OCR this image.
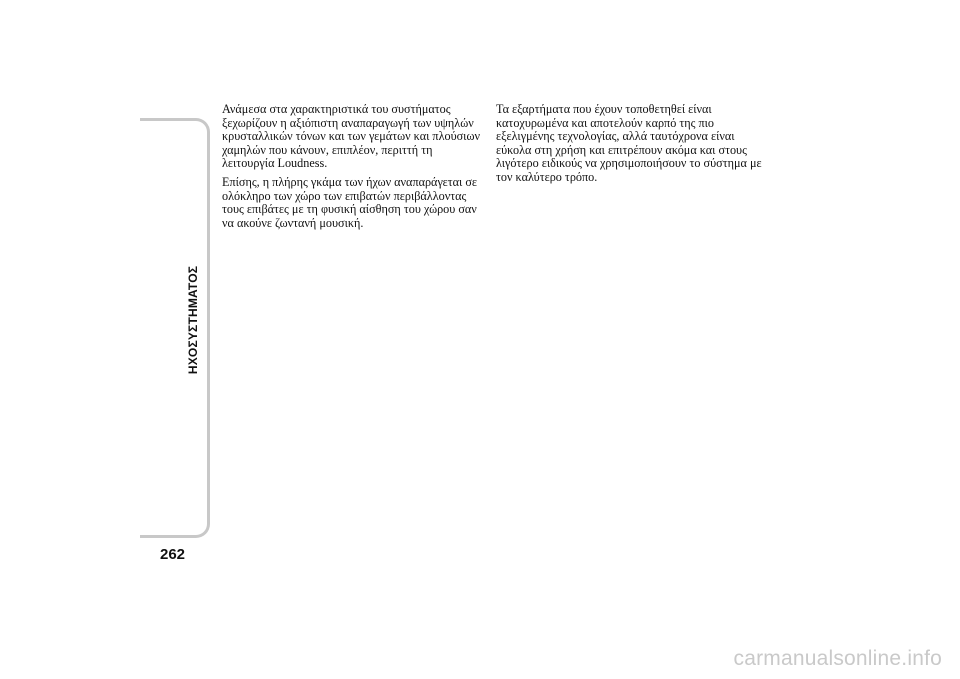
ΗΧΟΣΥΣΤΗΜΑΤΟΣ
262

Ανάμεσα στα χαρακτηριστικά του συστήματος
ξεχωρίζουν η αξιόπιστη αναπαραγωγή των υψηλών
κρυσταλλικών τόνων και των γεμάτων και πλούσιων
χαμηλών που κάνουν, επιπλέον, περιττή τη
λειτουργία Loudness.

Επίσης, η πλήρης γκάμα των ήχων αναπαράγεται σε
ολόκληρο των χώρο των επιβατών περιβάλλοντας
τους επιβάτες με τη φυσική αίσθηση του χώρου σαν
να ακούνε ζωντανή μουσική.

Τα εξαρτήματα που έχουν τοποθετηθεί είναι
κατοχυρωμένα και αποτελούν καρπό της πιο
εξελιγμένης τεχνολογίας, αλλά ταυτόχρονα είναι
εύκολα στη χρήση και επιτρέπουν ακόμα και στους
λιγότερο ειδικούς να χρησιμοποιήσουν το σύστημα με
τον καλύτερο τρόπο.

carmanualsonline.info
